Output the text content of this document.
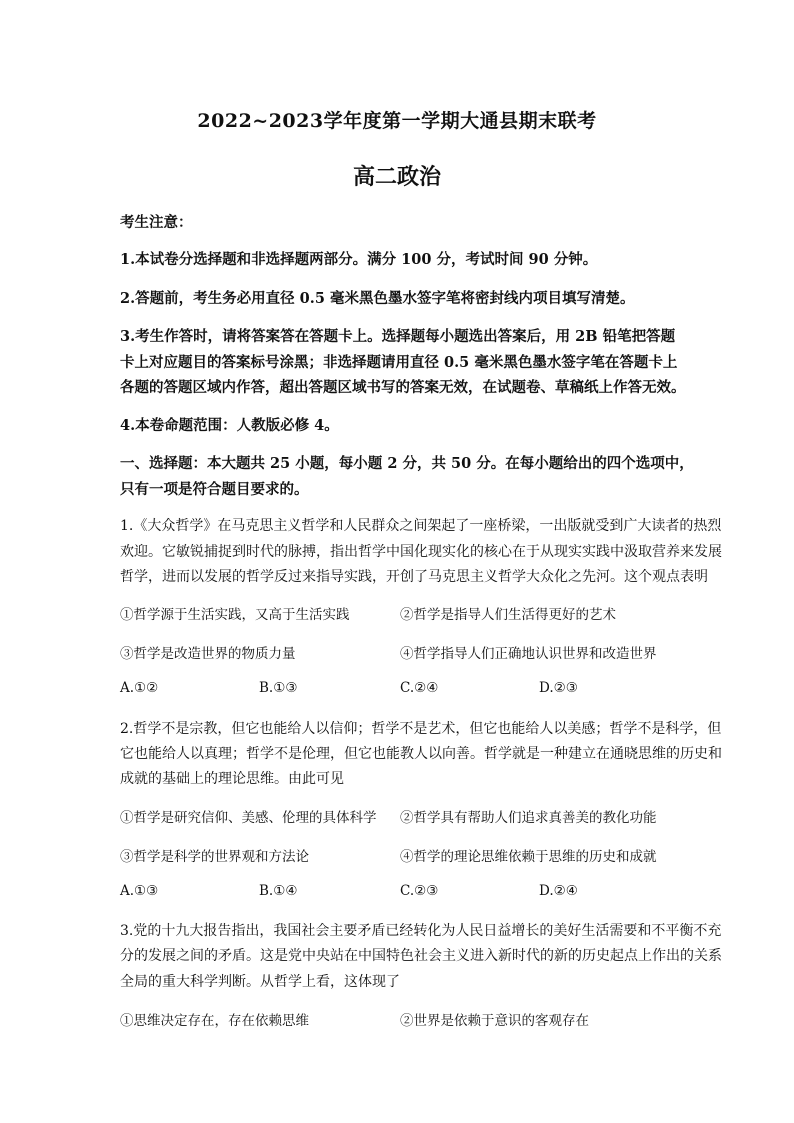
2022~2023学年度第一学期大通县期末联考
高二政治
考生注意：
1.本试卷分选择题和非选择题两部分。满分 100 分，考试时间 90 分钟。
2.答题前，考生务必用直径 0.5 毫米黑色墨水签字笔将密封线内项目填写清楚。
3.考生作答时，请将答案答在答题卡上。选择题每小题选出答案后，用 2B 铅笔把答题
卡上对应题目的答案标号涂黑；非选择题请用直径 0.5 毫米黑色墨水签字笔在答题卡上
各题的答题区域内作答，超出答题区域书写的答案无效，在试题卷、草稿纸上作答无效。
4.本卷命题范围：人教版必修 4。
一、选择题：本大题共 25 小题，每小题 2 分，共 50 分。在每小题给出的四个选项中，
只有一项是符合题目要求的。
1.《大众哲学》在马克思主义哲学和人民群众之间架起了一座桥梁，一出版就受到广大读者的热烈
欢迎。它敏锐捕捉到时代的脉搏，指出哲学中国化现实化的核心在于从现实实践中汲取营养来发展
哲学，进而以发展的哲学反过来指导实践，开创了马克思主义哲学大众化之先河。这个观点表明
①哲学源于生活实践，又高于生活实践	②哲学是指导人们生活得更好的艺术
③哲学是改造世界的物质力量	④哲学指导人们正确地认识世界和改造世界
A.①②	B.①③	C.②④	D.②③
2.哲学不是宗教，但它也能给人以信仰；哲学不是艺术，但它也能给人以美感；哲学不是科学，但
它也能给人以真理；哲学不是伦理，但它也能教人以向善。哲学就是一种建立在通晓思维的历史和
成就的基础上的理论思维。由此可见
①哲学是研究信仰、美感、伦理的具体科学 ②哲学具有帮助人们追求真善美的教化功能
③哲学是科学的世界观和方法论	④哲学的理论思维依赖于思维的历史和成就
A.①③	B.①④	C.②③	D.②④
3.党的十九大报告指出，我国社会主要矛盾已经转化为人民日益增长的美好生活需要和不平衡不充
分的发展之间的矛盾。这是党中央站在中国特色社会主义进入新时代的新的历史起点上作出的关系
全局的重大科学判断。从哲学上看，这体现了
①思维决定存在，存在依赖思维	②世界是依赖于意识的客观存在
